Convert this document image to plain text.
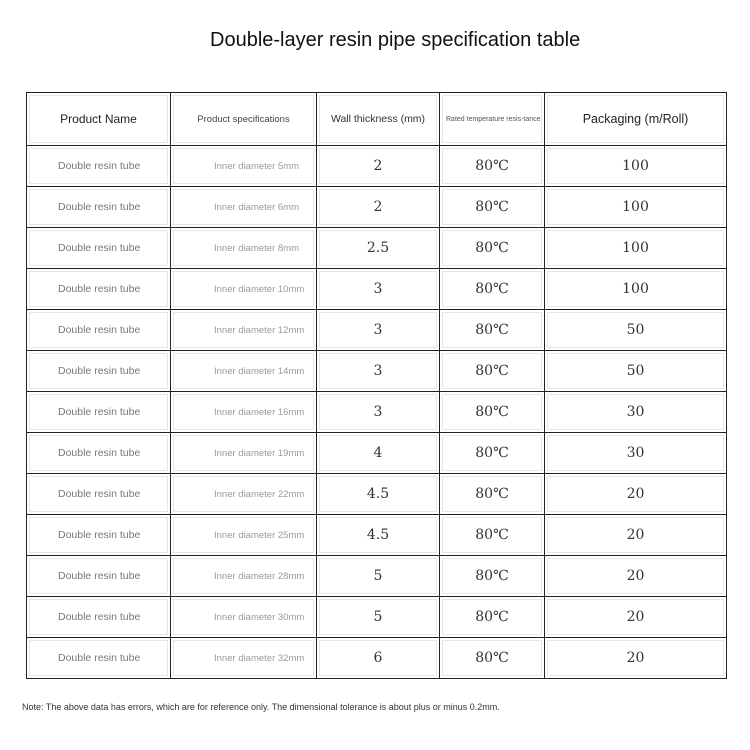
Double-layer resin pipe specification table
Product Name	Product specifications	Wall thickness (mm)	Rated temperature resis-tance	Packaging (m/Roll)

Double resin tube	Inner diameter 5mm	2	80℃	100

Double resin tube	Inner diameter 6mm	2	80℃	100

Double resin tube	Inner diameter 8mm	2.5	80℃	100

Double resin tube	Inner diameter 10mm	3	80℃	100

Double resin tube	Inner diameter 12mm	3	80℃	50

Double resin tube	Inner diameter 14mm	3	80℃	50

Double resin tube	Inner diameter 16mm	3	80℃	30

Double resin tube	Inner diameter 19mm	4	80℃	30

Double resin tube	Inner diameter 22mm	4.5	80℃	20

Double resin tube	Inner diameter 25mm	4.5	80℃	20

Double resin tube	Inner diameter 28mm	5	80℃	20

Double resin tube	Inner diameter 30mm	5	80℃	20

Double resin tube	Inner diameter 32mm	6	80℃	20
Note: The above data has errors, which are for reference only. The dimensional tolerance is about plus or minus 0.2mm.
